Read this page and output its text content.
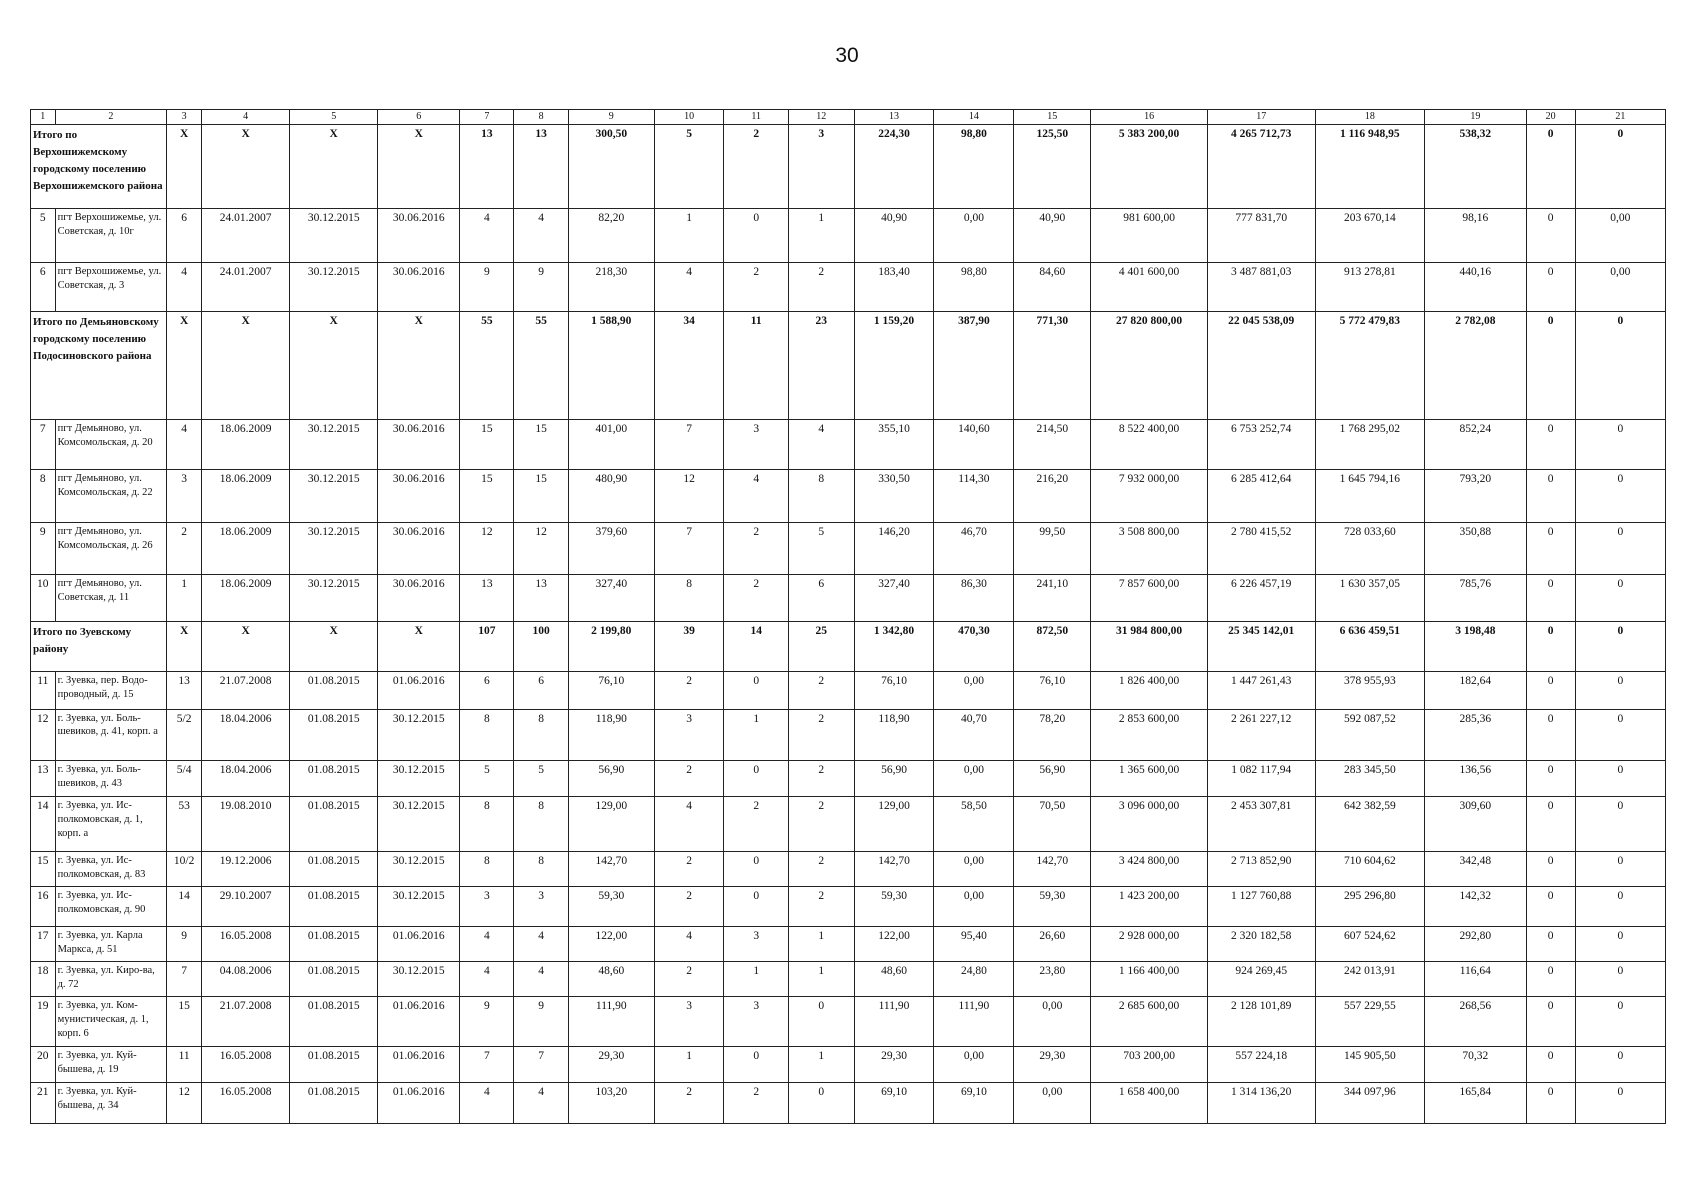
30
1	2	3	4	5	6	7	8	9	10	11	12	13	14	15	16	17	18	19	20	21
Итого по Верхошижемскому городскому поселению Верхошижемского района		X	X	X	X	13	13	300,50	5	2	3	224,30	98,80	125,50	5 383 200,00	4 265 712,73	1 116 948,95	538,32	0	0
5	пгт Верхошижемье, ул. Советская, д. 10г	6	24.01.2007	30.12.2015	30.06.2016	4	4	82,20	1	0	1	40,90	0,00	40,90	981 600,00	777 831,70	203 670,14	98,16	0	0,00
6	пгт Верхошижемье, ул. Советская, д. 3	4	24.01.2007	30.12.2015	30.06.2016	9	9	218,30	4	2	2	183,40	98,80	84,60	4 401 600,00	3 487 881,03	913 278,81	440,16	0	0,00
Итого по Демьяновскому городскому поселению Подосиновского района		X	X	X	X	55	55	1 588,90	34	11	23	1 159,20	387,90	771,30	27 820 800,00	22 045 538,09	5 772 479,83	2 782,08	0	0
7	пгт Демьяново, ул. Комсомольская, д. 20	4	18.06.2009	30.12.2015	30.06.2016	15	15	401,00	7	3	4	355,10	140,60	214,50	8 522 400,00	6 753 252,74	1 768 295,02	852,24	0	0
8	пгт Демьяново, ул. Комсомольская, д. 22	3	18.06.2009	30.12.2015	30.06.2016	15	15	480,90	12	4	8	330,50	114,30	216,20	7 932 000,00	6 285 412,64	1 645 794,16	793,20	0	0
9	пгт Демьяново, ул. Комсомольская, д. 26	2	18.06.2009	30.12.2015	30.06.2016	12	12	379,60	7	2	5	146,20	46,70	99,50	3 508 800,00	2 780 415,52	728 033,60	350,88	0	0
10	пгт Демьяново, ул. Советская, д. 11	1	18.06.2009	30.12.2015	30.06.2016	13	13	327,40	8	2	6	327,40	86,30	241,10	7 857 600,00	6 226 457,19	1 630 357,05	785,76	0	0
Итого по Зуевскому району		X	X	X	X	107	100	2 199,80	39	14	25	1 342,80	470,30	872,50	31 984 800,00	25 345 142,01	6 636 459,51	3 198,48	0	0
11	г. Зуевка, пер. Водо-проводный, д. 15	13	21.07.2008	01.08.2015	01.06.2016	6	6	76,10	2	0	2	76,10	0,00	76,10	1 826 400,00	1 447 261,43	378 955,93	182,64	0	0
12	г. Зуевка, ул. Боль-шевиков, д. 41, корп. а	5/2	18.04.2006	01.08.2015	30.12.2015	8	8	118,90	3	1	2	118,90	40,70	78,20	2 853 600,00	2 261 227,12	592 087,52	285,36	0	0
13	г. Зуевка, ул. Боль-шевиков, д. 43	5/4	18.04.2006	01.08.2015	30.12.2015	5	5	56,90	2	0	2	56,90	0,00	56,90	1 365 600,00	1 082 117,94	283 345,50	136,56	0	0
14	г. Зуевка, ул. Ис-полкомовская, д. 1, корп. а	53	19.08.2010	01.08.2015	30.12.2015	8	8	129,00	4	2	2	129,00	58,50	70,50	3 096 000,00	2 453 307,81	642 382,59	309,60	0	0
15	г. Зуевка, ул. Ис-полкомовская, д. 83	10/2	19.12.2006	01.08.2015	30.12.2015	8	8	142,70	2	0	2	142,70	0,00	142,70	3 424 800,00	2 713 852,90	710 604,62	342,48	0	0
16	г. Зуевка, ул. Ис-полкомовская, д. 90	14	29.10.2007	01.08.2015	30.12.2015	3	3	59,30	2	0	2	59,30	0,00	59,30	1 423 200,00	1 127 760,88	295 296,80	142,32	0	0
17	г. Зуевка, ул. Карла Маркса, д. 51	9	16.05.2008	01.08.2015	01.06.2016	4	4	122,00	4	3	1	122,00	95,40	26,60	2 928 000,00	2 320 182,58	607 524,62	292,80	0	0
18	г. Зуевка, ул. Киро-ва, д. 72	7	04.08.2006	01.08.2015	30.12.2015	4	4	48,60	2	1	1	48,60	24,80	23,80	1 166 400,00	924 269,45	242 013,91	116,64	0	0
19	г. Зуевка, ул. Ком-мунистическая, д. 1, корп. 6	15	21.07.2008	01.08.2015	01.06.2016	9	9	111,90	3	3	0	111,90	111,90	0,00	2 685 600,00	2 128 101,89	557 229,55	268,56	0	0
20	г. Зуевка, ул. Куй-бышева, д. 19	11	16.05.2008	01.08.2015	01.06.2016	7	7	29,30	1	0	1	29,30	0,00	29,30	703 200,00	557 224,18	145 905,50	70,32	0	0
21	г. Зуевка, ул. Куй-бышева, д. 34	12	16.05.2008	01.08.2015	01.06.2016	4	4	103,20	2	2	0	69,10	69,10	0,00	1 658 400,00	1 314 136,20	344 097,96	165,84	0	0
